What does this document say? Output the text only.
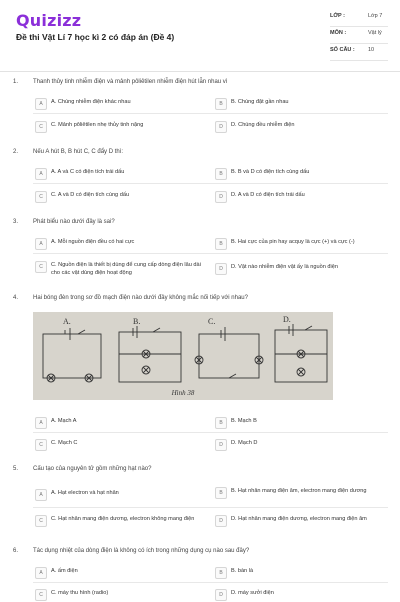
Quizizz
Đề thi Vật Lí 7 học kì 2 có đáp án (Đề 4)
LỚP :	Lớp 7
MÔN :	Vật lý
SỐ CÂU : 10
1. Thanh thủy tinh nhiễm điện và mảnh pôliêtilen nhiễm điện hút lẫn nhau vì
A	A. Chúng nhiễm điện khác nhau	B	B. Chúng đặt gần nhau
C	C. Mảnh pôliêtilen nhẹ thủy tinh nặng	D	D. Chúng đều nhiễm điện
2. Nếu A hút B, B hút C, C đẩy D thì:
A	A. A và C có điện tích trái dấu	B	B. B và D có điện tích cùng dấu
C	C. A và D có điện tích cùng dấu	D	D. A và D có điện tích trái dấu
3. Phát biểu nào dưới đây là sai?
A	A. Mỗi nguồn điện đều có hai cực	B	B. Hai cực của pin hay acquy là cực (+) và cực (-)
C	C. Nguồn điện là thiết bị dùng để cung cấp dòng điện lâu dài cho các vật dùng điện hoạt động
D	D. Vật nào nhiễm điện vật ấy là nguồn điện
4. Hai bóng đèn trong sơ đồ mạch điện nào dưới đây không mắc nối tiếp với nhau?
A.	B.	C.	D.
Hình 38
A	A. Mạch A	B	B. Mạch B
C	C. Mạch C	D	D. Mạch D
5. Cấu tạo của nguyên tử gồm những hạt nào?
A	A. Hạt electron và hạt nhân	B	B. Hạt nhân mang điện âm, electron mang điện dương
C	C. Hạt nhân mang điện dương, electron không mang điện	D	D. Hạt nhân mang điện dương, electron mang điện âm
6. Tác dụng nhiệt của dòng điện là không có ích trong những dụng cụ nào sau đây?
A	A. ấm điện	B	B. bàn là
C	C. máy thu hình (radio)	D	D. máy sưởi điện
